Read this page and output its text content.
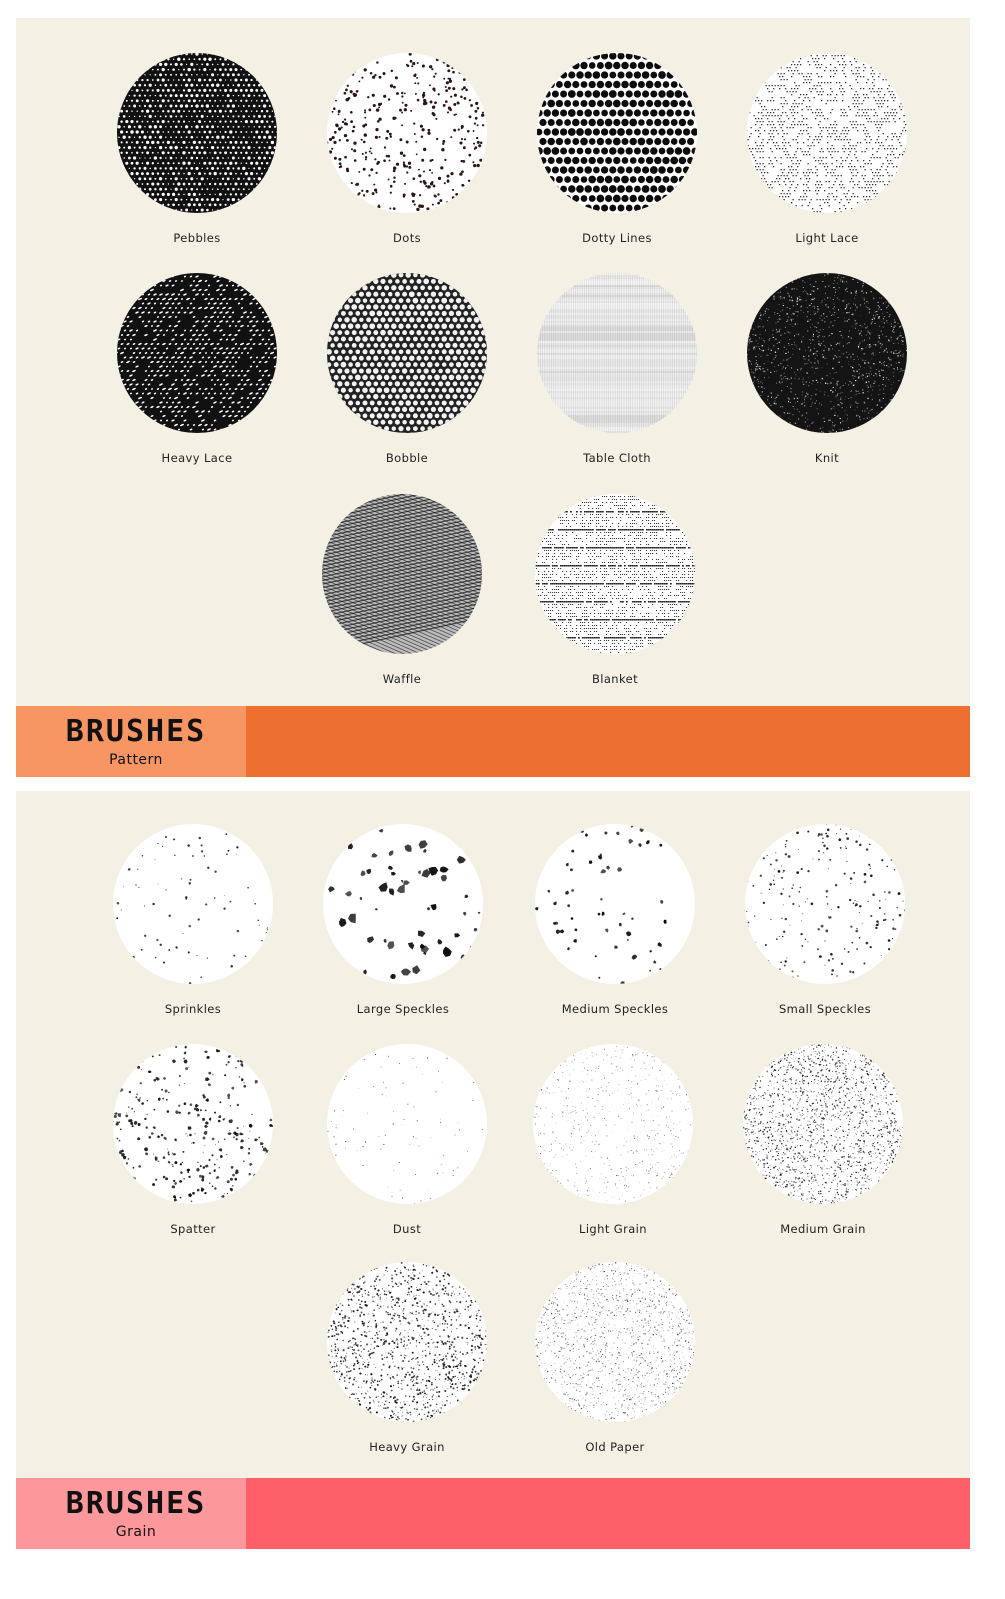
Pebbles	Dots	Dotty Lines	Light Lace
Heavy Lace	Bobble	Table Cloth	Knit
Waffle	Blanket
BRUSHES
Pattern
Sprinkles	Large Speckles	Medium Speckles	Small Speckles
Spatter	Dust	Light Grain	Medium Grain
Heavy Grain	Old Paper
BRUSHES
Grain
